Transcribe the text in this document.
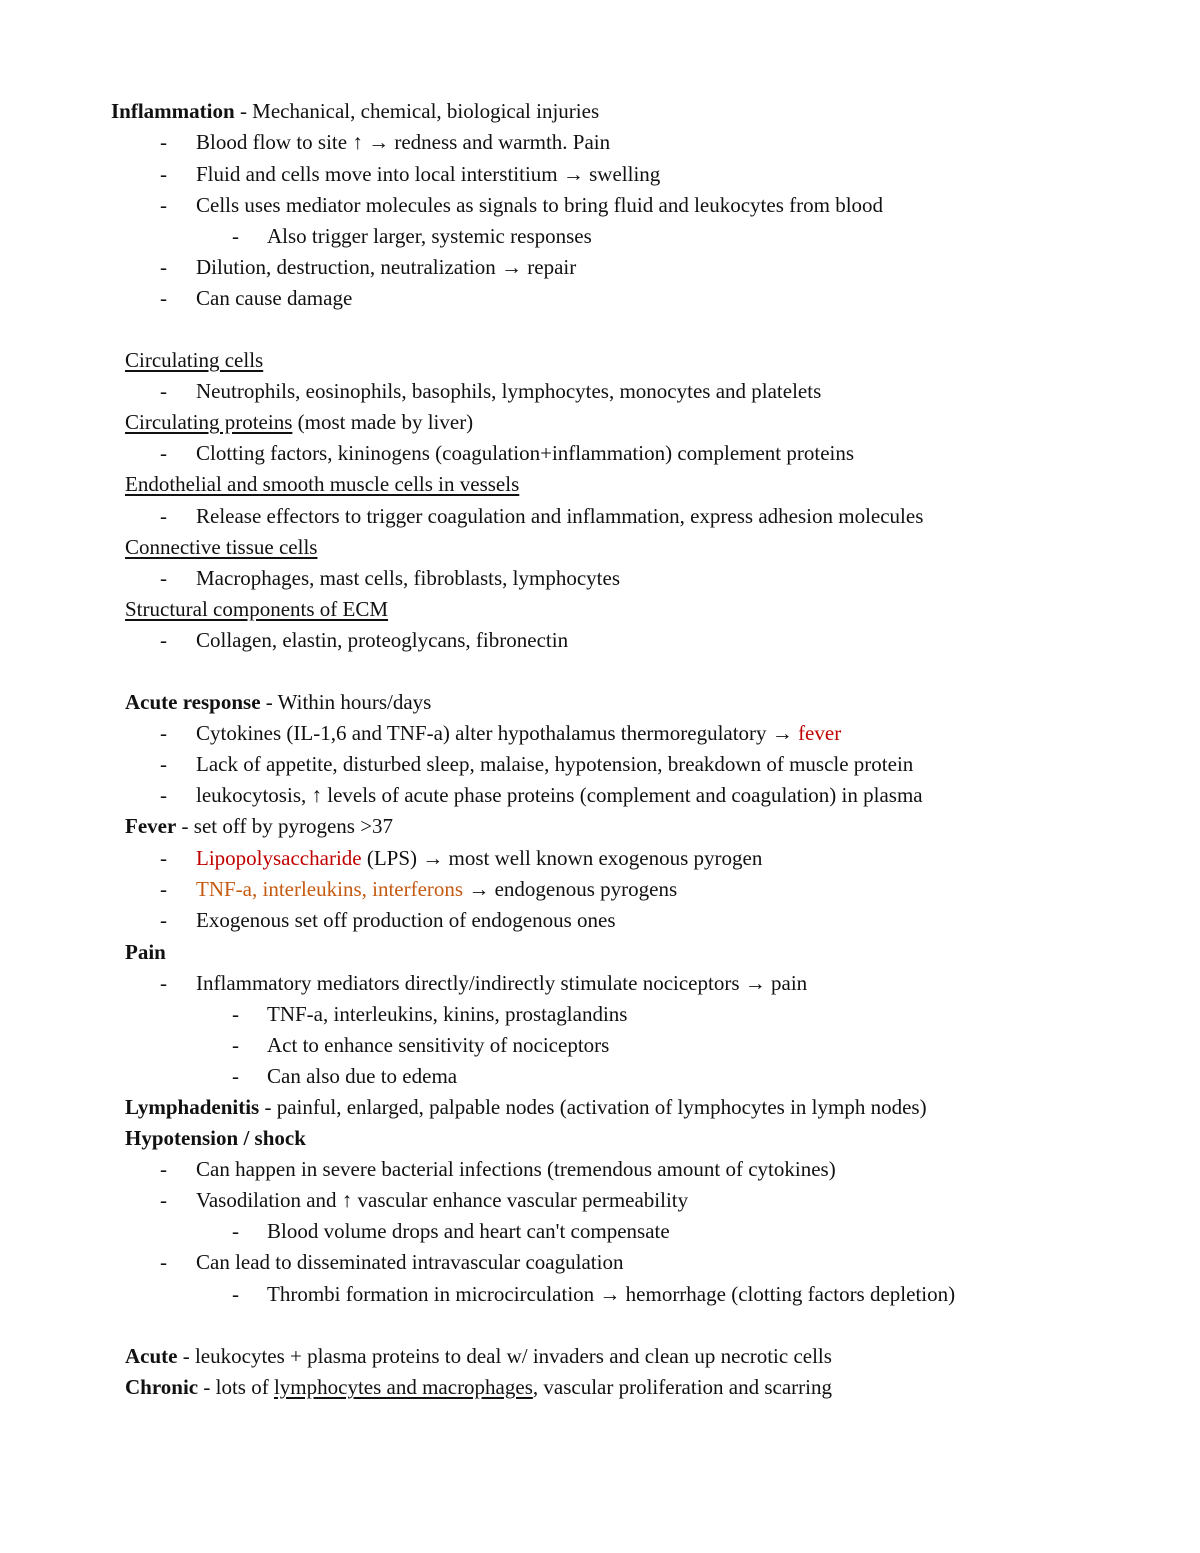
Inflammation - Mechanical, chemical, biological injuries
- Blood flow to site ↑ → redness and warmth. Pain
- Fluid and cells move into local interstitium → swelling
- Cells uses mediator molecules as signals to bring fluid and leukocytes from blood
- Also trigger larger, systemic responses
- Dilution, destruction, neutralization → repair
- Can cause damage
Circulating cells
- Neutrophils, eosinophils, basophils, lymphocytes, monocytes and platelets
Circulating proteins (most made by liver)
- Clotting factors, kininogens (coagulation+inflammation) complement proteins
Endothelial and smooth muscle cells in vessels
- Release effectors to trigger coagulation and inflammation, express adhesion molecules
Connective tissue cells
- Macrophages, mast cells, fibroblasts, lymphocytes
Structural components of ECM
- Collagen, elastin, proteoglycans, fibronectin
Acute response - Within hours/days
- Cytokines (IL-1,6 and TNF-a) alter hypothalamus thermoregulatory → fever
- Lack of appetite, disturbed sleep, malaise, hypotension, breakdown of muscle protein
- leukocytosis, ↑ levels of acute phase proteins (complement and coagulation) in plasma
Fever - set off by pyrogens >37
- Lipopolysaccharide (LPS) → most well known exogenous pyrogen
- TNF-a, interleukins, interferons → endogenous pyrogens
- Exogenous set off production of endogenous ones
Pain
- Inflammatory mediators directly/indirectly stimulate nociceptors → pain
- TNF-a, interleukins, kinins, prostaglandins
- Act to enhance sensitivity of nociceptors
- Can also due to edema
Lymphadenitis - painful, enlarged, palpable nodes (activation of lymphocytes in lymph nodes)
Hypotension / shock
- Can happen in severe bacterial infections (tremendous amount of cytokines)
- Vasodilation and ↑ vascular enhance vascular permeability
- Blood volume drops and heart can't compensate
- Can lead to disseminated intravascular coagulation
- Thrombi formation in microcirculation → hemorrhage (clotting factors depletion)
Acute - leukocytes + plasma proteins to deal w/ invaders and clean up necrotic cells
Chronic - lots of lymphocytes and macrophages, vascular proliferation and scarring
